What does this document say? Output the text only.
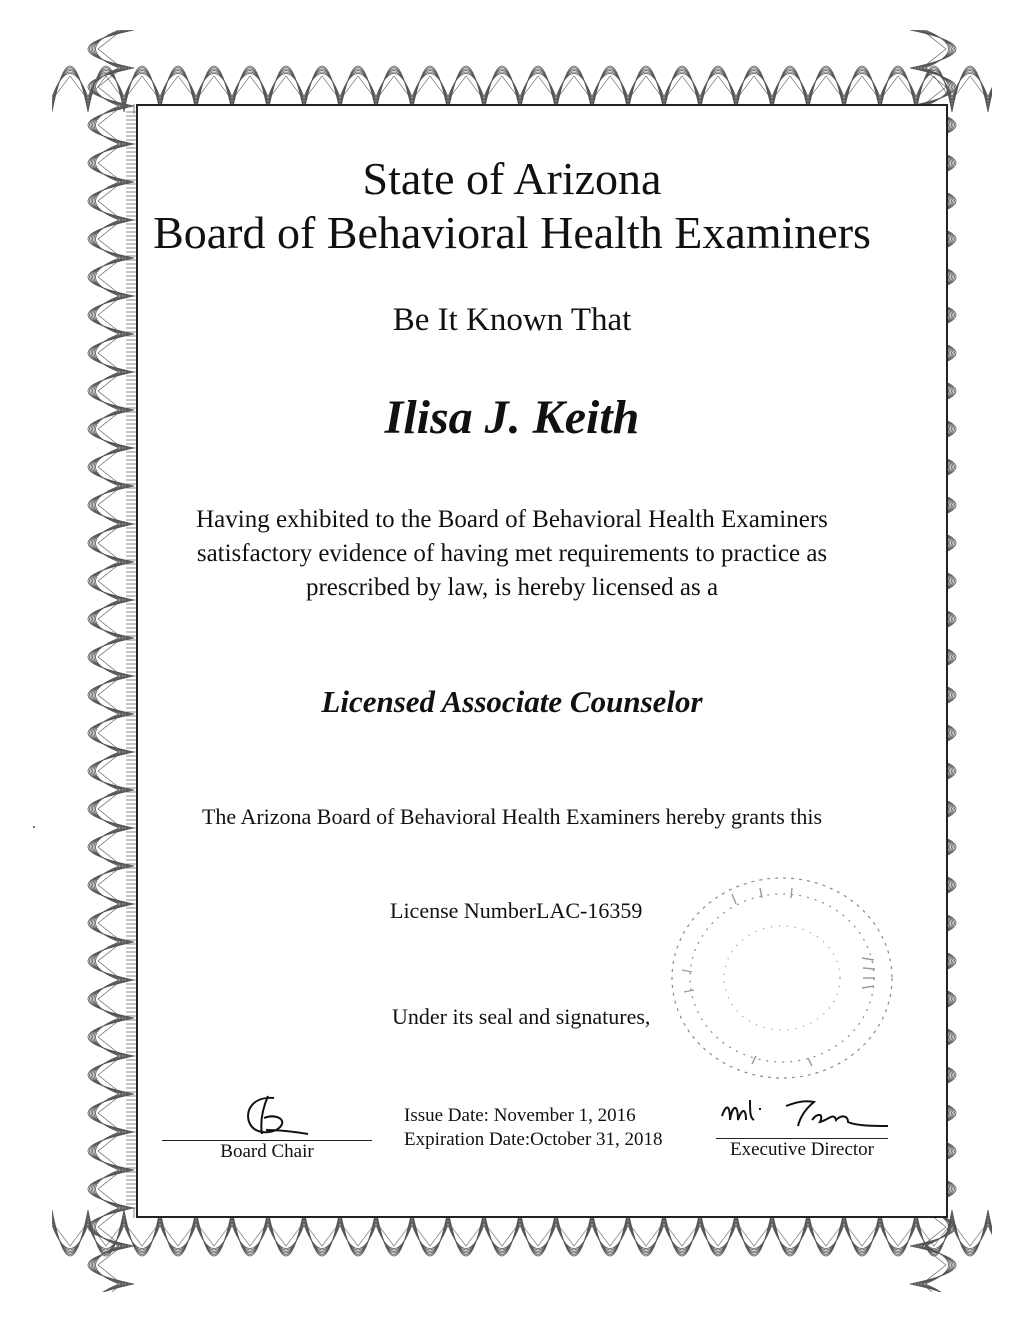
State of Arizona
Board of Behavioral Health Examiners
Be It Known That
Ilisa J. Keith
Having exhibited to the Board of Behavioral Health Examiners
satisfactory evidence of having met requirements to practice as
prescribed by law, is hereby licensed as a
Licensed Associate Counselor
The Arizona Board of Behavioral Health Examiners hereby grants this
License NumberLAC-16359
Under its seal and signatures,
Board Chair
Issue Date: November 1, 2016
Expiration Date:October 31, 2018	Executive Director
